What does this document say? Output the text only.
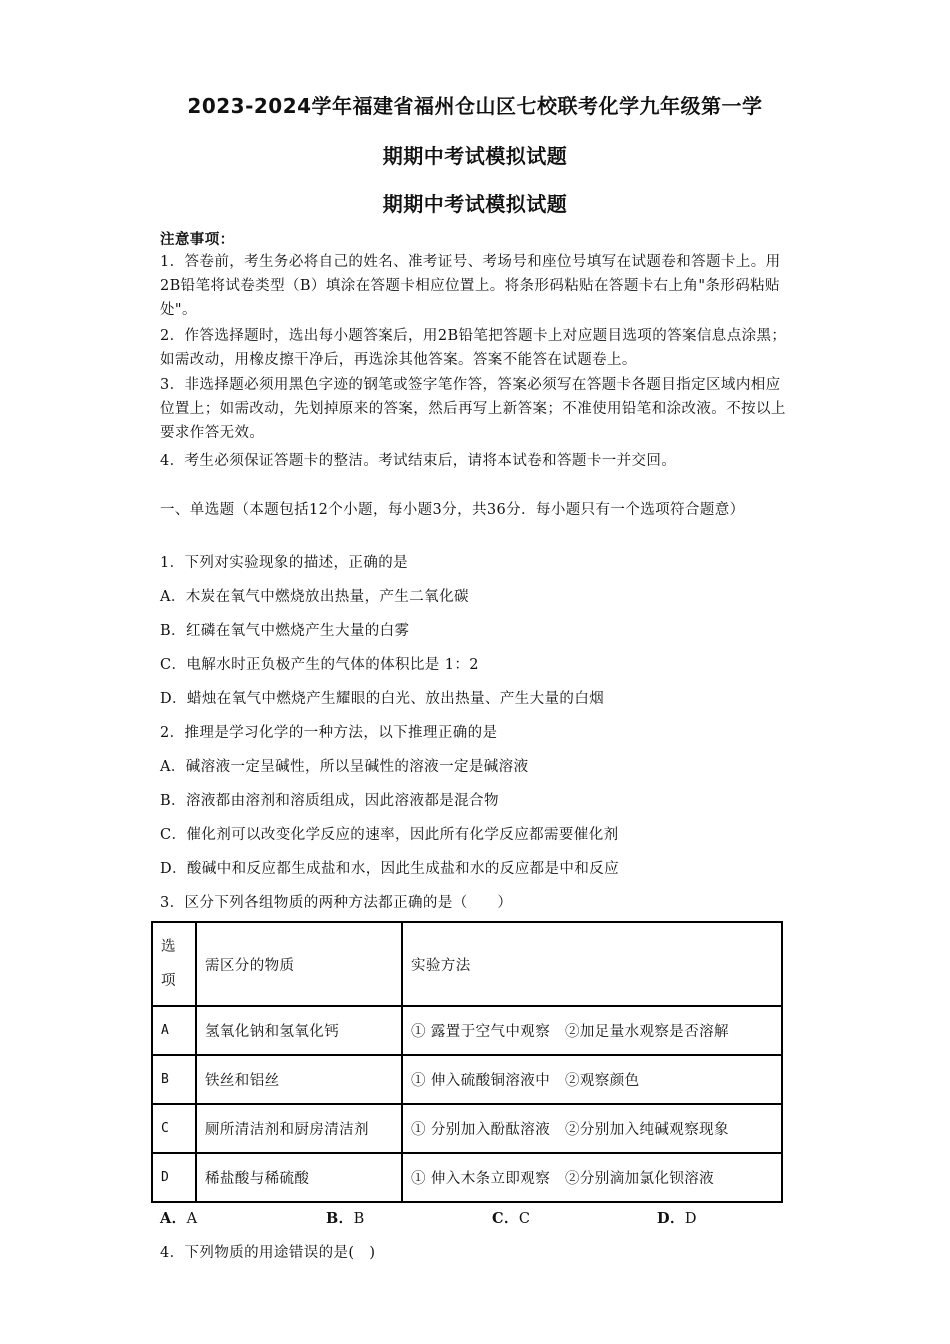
2023-2024学年福建省福州仓山区七校联考化学九年级第一学
期期中考试模拟试题
期期中考试模拟试题
注意事项：
1．答卷前，考生务必将自己的姓名、准考证号、考场号和座位号填写在试题卷和答题卡上。用2B铅笔将试卷类型（B）填涂在答题卡相应位置上。将条形码粘贴在答题卡右上角"条形码粘贴处"。
2．作答选择题时，选出每小题答案后，用2B铅笔把答题卡上对应题目选项的答案信息点涂黑；如需改动，用橡皮擦干净后，再选涂其他答案。答案不能答在试题卷上。
3．非选择题必须用黑色字迹的钢笔或签字笔作答，答案必须写在答题卡各题目指定区域内相应位置上；如需改动，先划掉原来的答案，然后再写上新答案；不准使用铅笔和涂改液。不按以上要求作答无效。
4．考生必须保证答题卡的整洁。考试结束后，请将本试卷和答题卡一并交回。
一、单选题（本题包括12个小题，每小题3分，共36分．每小题只有一个选项符合题意）
1．下列对实验现象的描述，正确的是
A．木炭在氧气中燃烧放出热量，产生二氧化碳
B．红磷在氧气中燃烧产生大量的白雾
C．电解水时正负极产生的气体的体积比是 1：2
D．蜡烛在氧气中燃烧产生耀眼的白光、放出热量、产生大量的白烟
2．推理是学习化学的一种方法，以下推理正确的是
A．碱溶液一定呈碱性，所以呈碱性的溶液一定是碱溶液
B．溶液都由溶剂和溶质组成，因此溶液都是混合物
C．催化剂可以改变化学反应的速率，因此所有化学反应都需要催化剂
D．酸碱中和反应都生成盐和水，因此生成盐和水的反应都是中和反应
3．区分下列各组物质的两种方法都正确的是（　　）
选
项	需区分的物质	实验方法
A	氢氧化钠和氢氧化钙	① 露置于空气中观察　②加足量水观察是否溶解
B	铁丝和铝丝	① 伸入硫酸铜溶液中　②观察颜色
C	厕所清洁剂和厨房清洁剂	① 分别加入酚酞溶液　②分别加入纯碱观察现象
D	稀盐酸与稀硫酸	① 伸入木条立即观察　②分别滴加氯化钡溶液
A．A	B．B	C．C	D．D
4．下列物质的用途错误的是(　)
